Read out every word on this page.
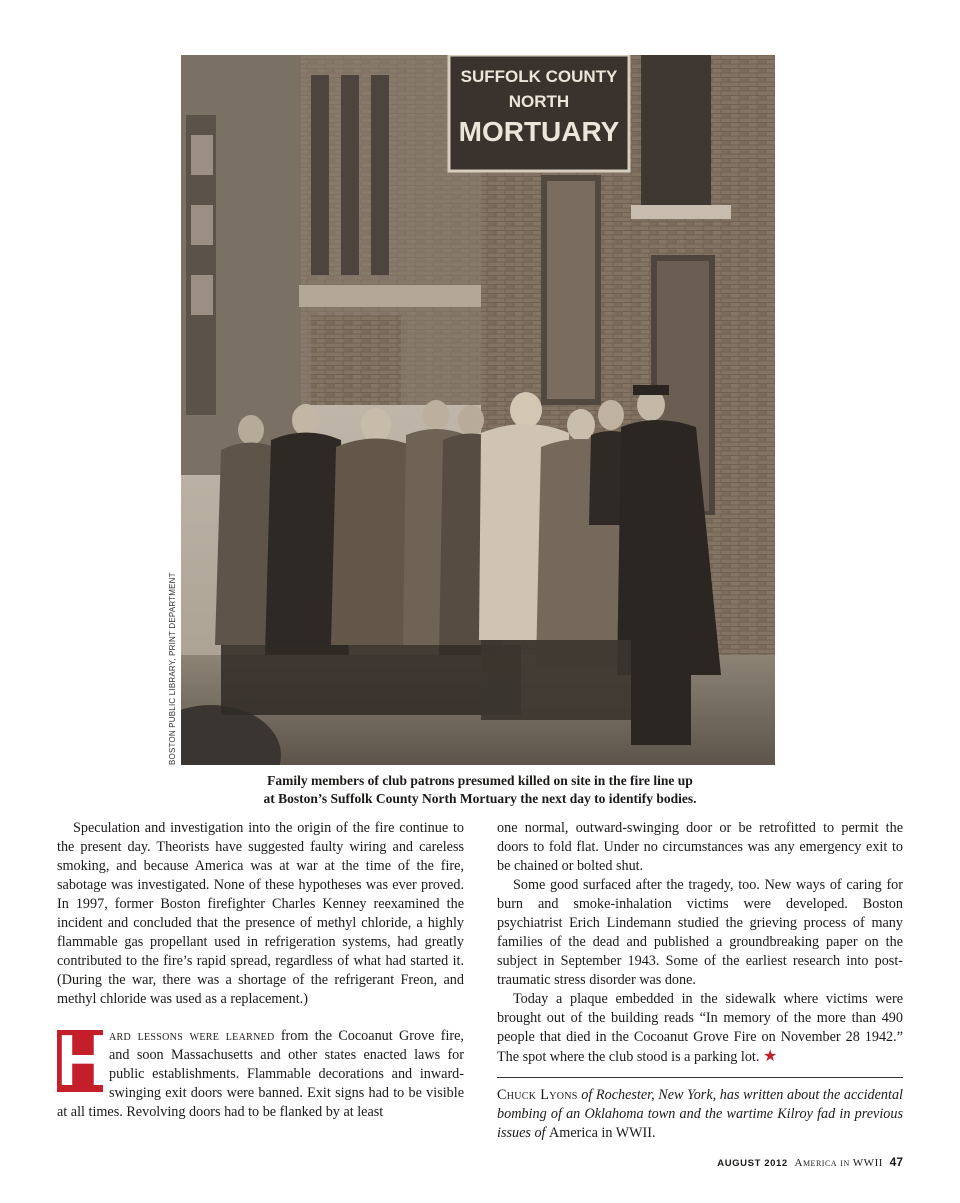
SUFFOLK COUNTY
NORTH
MORTUARY
BOSTON PUBLIC LIBRARY, PRINT DEPARTMENT
Family members of club patrons presumed killed on site in the fire line up
at Boston’s Suffolk County North Mortuary the next day to identify bodies.

Speculation and investigation into the origin of the fire continue to the present day. Theorists have suggested faulty wiring and careless smoking, and because America was at war at the time of the fire, sabotage was investigated. None of these hypotheses was ever proved. In 1997, former Boston firefighter Charles Kenney reexamined the incident and concluded that the presence of methyl chloride, a highly flammable gas propellant used in refrigeration systems, had greatly contributed to the fire’s rapid spread, regardless of what had started it. (During the war, there was a shortage of the refrigerant Freon, and methyl chloride was used as a replacement.)

H ard lessons were learned from the Cocoanut Grove fire, and soon Massachusetts and other states enacted laws for public establishments. Flammable decorations and inward-swinging exit doors were banned. Exit signs had to be visible at all times. Revolving doors had to be flanked by at least

one normal, outward-swinging door or be retrofitted to permit the doors to fold flat. Under no circumstances was any emergency exit to be chained or bolted shut.

Some good surfaced after the tragedy, too. New ways of caring for burn and smoke-inhalation victims were developed. Boston psychiatrist Erich Lindemann studied the grieving process of many families of the dead and published a groundbreaking paper on the subject in September 1943. Some of the earliest research into post-traumatic stress disorder was done.

Today a plaque embedded in the sidewalk where victims were brought out of the building reads “In memory of the more than 490 people that died in the Cocoanut Grove Fire on November 28 1942.” The spot where the club stood is a parking lot. ★

Chuck Lyons of Rochester, New York, has written about the accidental bombing of an Oklahoma town and the wartime Kilroy fad in previous issues of America in WWII.

AUGUST 2012 America in WWII 47
